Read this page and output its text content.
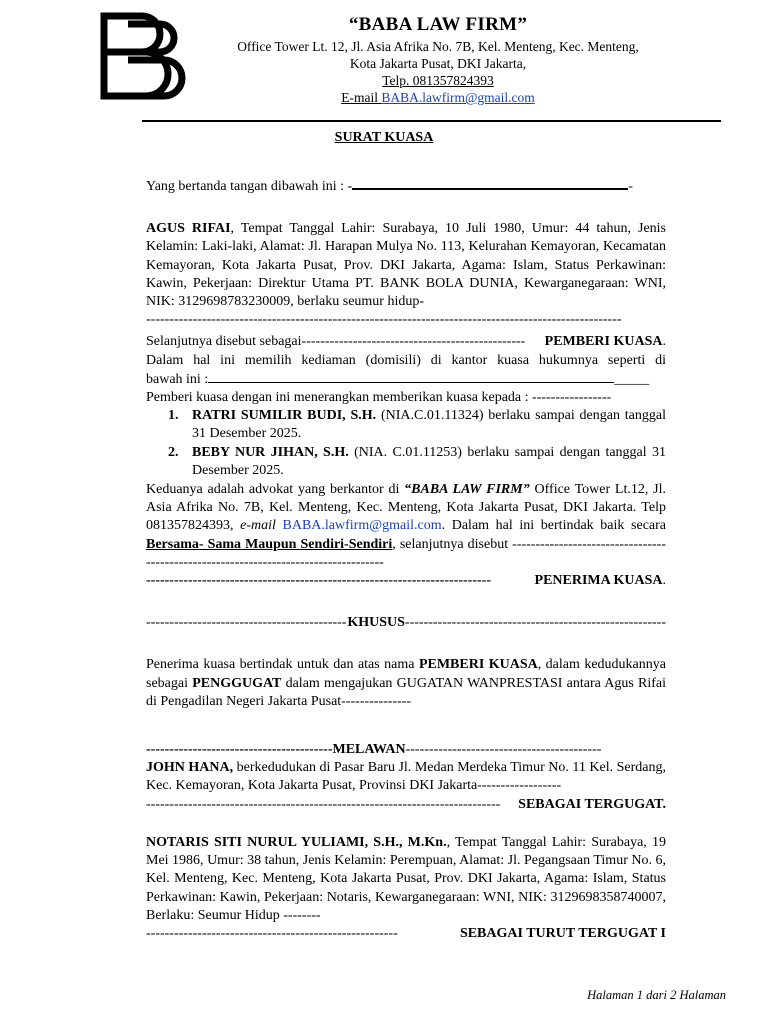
“BABA LAW FIRM”
Office Tower Lt. 12, Jl. Asia Afrika No. 7B, Kel. Menteng, Kec. Menteng,
Kota Jakarta Pusat, DKI Jakarta,
Telp. 081357824393
E-mail BABA.lawfirm@gmail.com
SURAT KUASA

Yang bertanda tangan dibawah ini : -	-

AGUS RIFAI, Tempat Tanggal Lahir: Surabaya, 10 Juli 1980, Umur: 44 tahun, Jenis Kelamin: Laki-laki, Alamat: Jl. Harapan Mulya No. 113, Kelurahan Kemayoran, Kecamatan Kemayoran, Kota Jakarta Pusat, Prov. DKI Jakarta, Agama: Islam, Status Perkawinan: Kawin, Pekerjaan: Direktur Utama PT. BANK BOLA DUNIA, Kewarganegaraan: WNI, NIK: 3129698783230009, berlaku seumur hidup-

------------------------------------------------------------------------------------------------------

Selanjutnya disebut sebagai ------------------------------------------------	PEMBERI KUASA .

Dalam hal ini memilih kediaman (domisili) di kantor kuasa hukumnya seperti di

bawah ini :	_____

Pemberi kuasa dengan ini menerangkan memberikan kuasa kepada : -----------------

1. RATRI SUMILIR BUDI, S.H. (NIA.C.01.11324) berlaku sampai dengan tanggal 31 Desember 2025.
2. BEBY NUR JIHAN, S.H. (NIA. C.01.11253) berlaku sampai dengan tanggal 31 Desember 2025.

Keduanya adalah advokat yang berkantor di “BABA LAW FIRM” Office Tower Lt.12, Jl. Asia Afrika No. 7B, Kel. Menteng, Kec. Menteng, Kota Jakarta Pusat, DKI Jakarta. Telp 081357824393, e-mail BABA.lawfirm@gmail.com. Dalam hal ini bertindak baik secara Bersama- Sama Maupun Sendiri-Sendiri, selanjutnya disebut ------------------------------------------------------------------------------------

--------------------------------------------------------------------------	PENERIMA KUASA .

------------------------------------------- KHUSUS --------------------------------------------------------

Penerima kuasa bertindak untuk dan atas nama PEMBERI KUASA, dalam kedudukannya sebagai PENGGUGAT dalam mengajukan GUGATAN WANPRESTASI antara Agus Rifai di Pengadilan Negeri Jakarta Pusat---------------

---------------------------------------- MELAWAN ------------------------------------------

JOHN HANA, berkedudukan di Pasar Baru Jl. Medan Merdeka Timur No. 11 Kel. Serdang, Kec. Kemayoran, Kota Jakarta Pusat, Provinsi DKI Jakarta------------------

----------------------------------------------------------------------------	SEBAGAI TERGUGAT.

NOTARIS SITI NURUL YULIAMI, S.H., M.Kn., Tempat Tanggal Lahir: Surabaya, 19 Mei 1986, Umur: 38 tahun, Jenis Kelamin: Perempuan, Alamat: Jl. Pegangsaan Timur No. 6, Kel. Menteng, Kec. Menteng, Kota Jakarta Pusat, Prov. DKI Jakarta, Agama: Islam, Status Perkawinan: Kawin, Pekerjaan: Notaris, Kewarganegaraan: WNI, NIK: 3129698358740007, Berlaku: Seumur Hidup --------

------------------------------------------------------	SEBAGAI TURUT TERGUGAT I

Halaman 1 dari 2 Halaman
